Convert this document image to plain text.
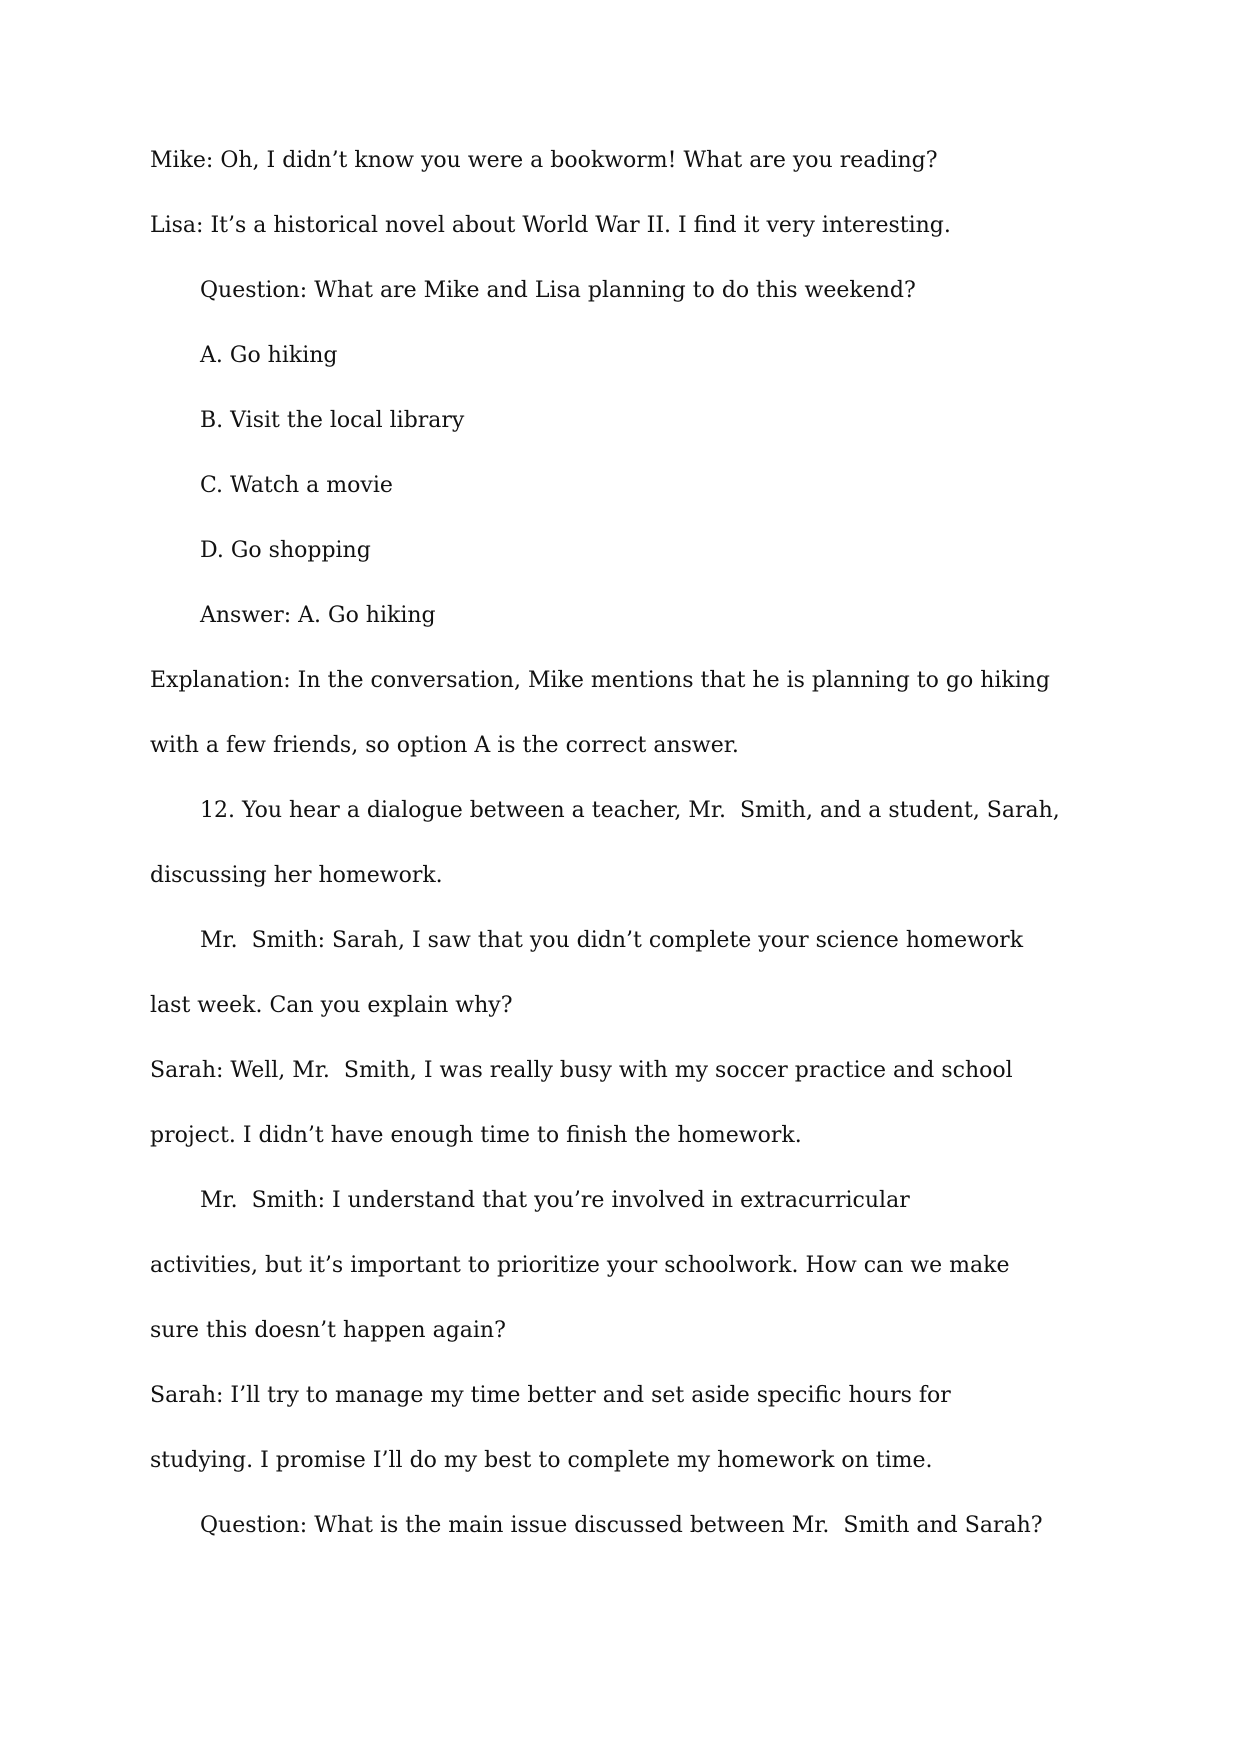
Mike: Oh, I didn’t know you were a bookworm! What are you reading?
Lisa: It’s a historical novel about World War II. I find it very interesting.
Question: What are Mike and Lisa planning to do this weekend?
A. Go hiking
B. Visit the local library
C. Watch a movie
D. Go shopping
Answer: A. Go hiking
Explanation: In the conversation, Mike mentions that he is planning to go hiking
with a few friends, so option A is the correct answer.
12. You hear a dialogue between a teacher, Mr.  Smith, and a student, Sarah,
discussing her homework.
Mr.  Smith: Sarah, I saw that you didn’t complete your science homework
last week. Can you explain why?
Sarah: Well, Mr.  Smith, I was really busy with my soccer practice and school
project. I didn’t have enough time to finish the homework.
Mr.  Smith: I understand that you’re involved in extracurricular
activities, but it’s important to prioritize your schoolwork. How can we make
sure this doesn’t happen again?
Sarah: I’ll try to manage my time better and set aside specific hours for
studying. I promise I’ll do my best to complete my homework on time.
Question: What is the main issue discussed between Mr.  Smith and Sarah?
